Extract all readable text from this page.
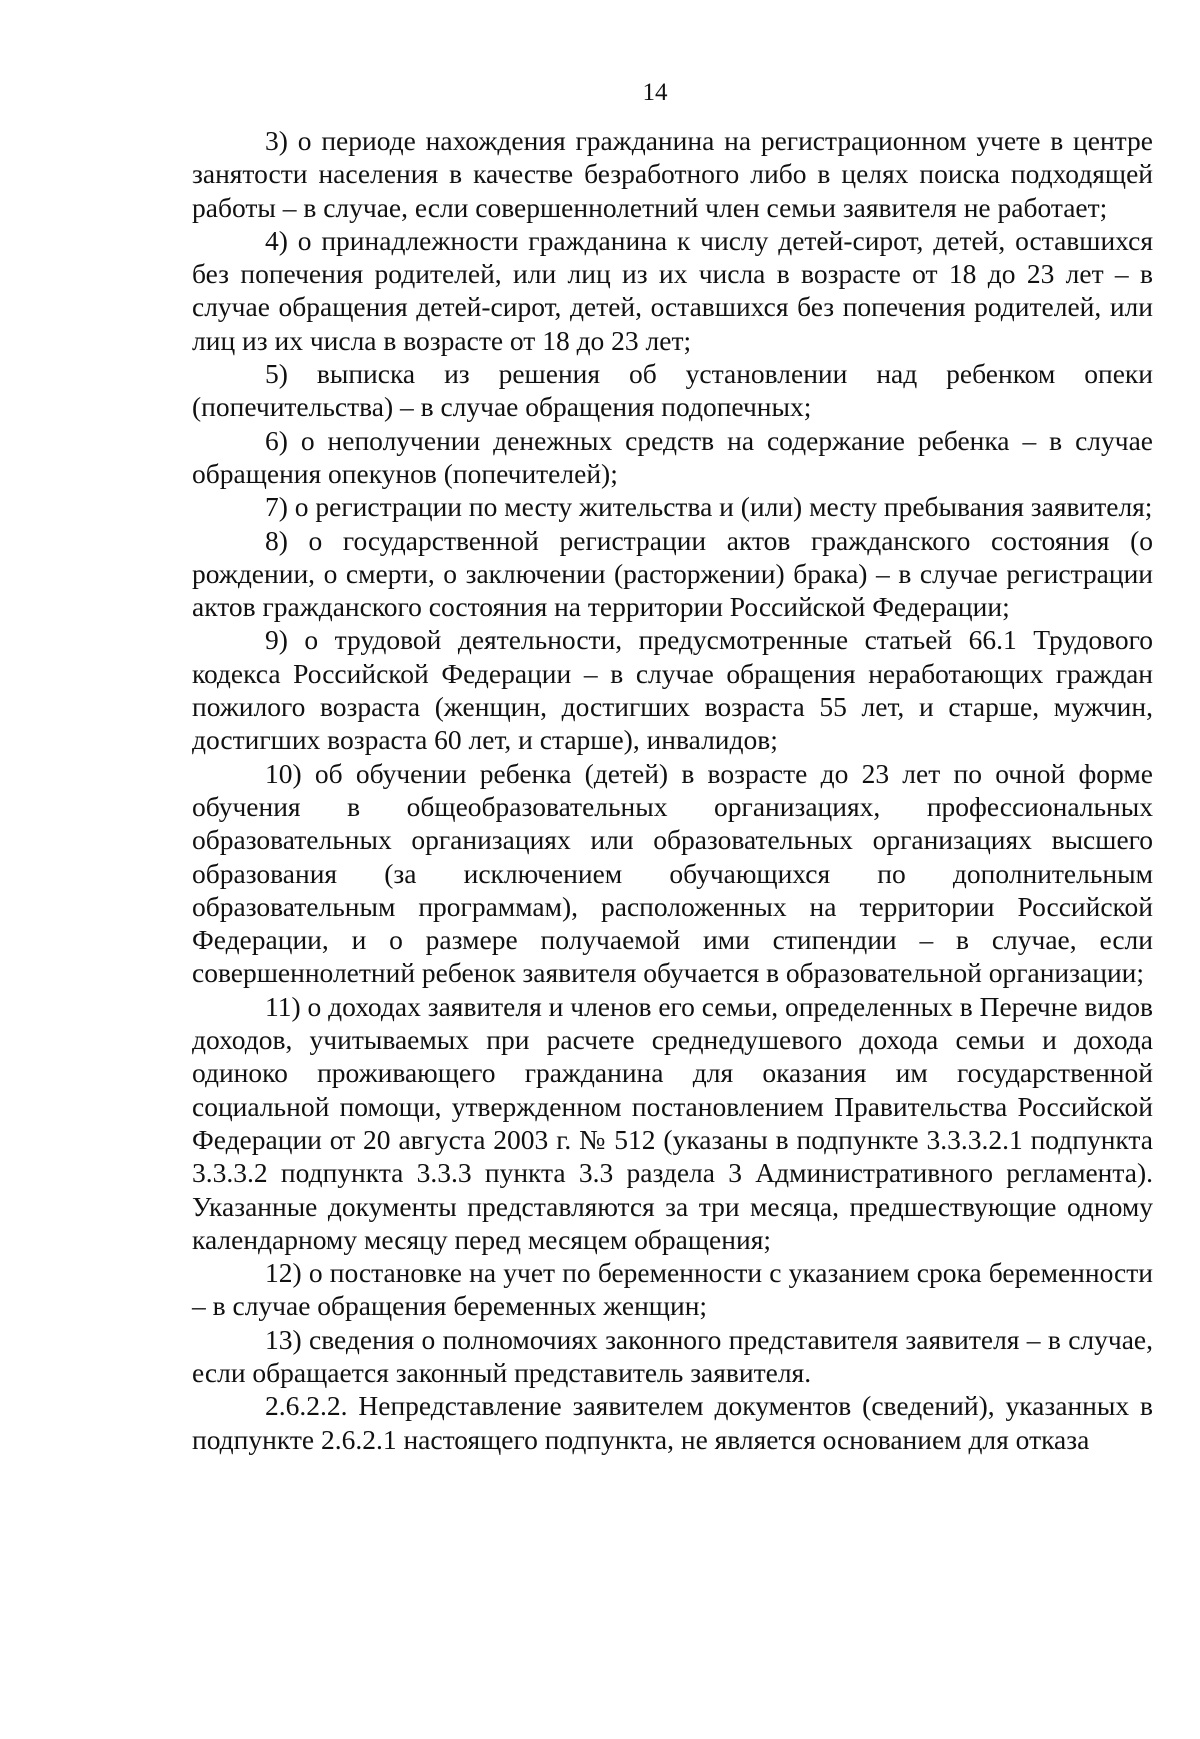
14

3) о периоде нахождения гражданина на регистрационном учете в центре занятости населения в качестве безработного либо в целях поиска подходящей работы – в случае, если совершеннолетний член семьи заявителя не работает;

4) о принадлежности гражданина к числу детей-сирот, детей, оставшихся без попечения родителей, или лиц из их числа в возрасте от 18 до 23 лет – в случае обращения детей-сирот, детей, оставшихся без попечения родителей, или лиц из их числа в возрасте от 18 до 23 лет;

5) выписка из решения об установлении над ребенком опеки (попечительства) – в случае обращения подопечных;

6) о неполучении денежных средств на содержание ребенка – в случае обращения опекунов (попечителей);

7) о регистрации по месту жительства и (или) месту пребывания заявителя;

8) о государственной регистрации актов гражданского состояния (о рождении, о смерти, о заключении (расторжении) брака) – в случае регистрации актов гражданского состояния на территории Российской Федерации;

9) о трудовой деятельности, предусмотренные статьей 66.1 Трудового кодекса Российской Федерации – в случае обращения неработающих граждан пожилого возраста (женщин, достигших возраста 55 лет, и старше, мужчин, достигших возраста 60 лет, и старше), инвалидов;

10) об обучении ребенка (детей) в возрасте до 23 лет по очной форме обучения в общеобразовательных организациях, профессиональных образовательных организациях или образовательных организациях высшего образования (за исключением обучающихся по дополнительным образовательным программам), расположенных на территории Российской Федерации, и о размере получаемой ими стипендии – в случае, если совершеннолетний ребенок заявителя обучается в образовательной организации;

11) о доходах заявителя и членов его семьи, определенных в Перечне видов доходов, учитываемых при расчете среднедушевого дохода семьи и дохода одиноко проживающего гражданина для оказания им государственной социальной помощи, утвержденном постановлением Правительства Российской Федерации от 20 августа 2003 г. № 512 (указаны в подпункте 3.3.3.2.1 подпункта 3.3.3.2 подпункта 3.3.3 пункта 3.3 раздела 3 Административного регламента). Указанные документы представляются за три месяца, предшествующие одному календарному месяцу перед месяцем обращения;

12) о постановке на учет по беременности с указанием срока беременности – в случае обращения беременных женщин;

13) сведения о полномочиях законного представителя заявителя – в случае, если обращается законный представитель заявителя.

2.6.2.2. Непредставление заявителем документов (сведений), указанных в подпункте 2.6.2.1 настоящего подпункта, не является основанием для отказа
